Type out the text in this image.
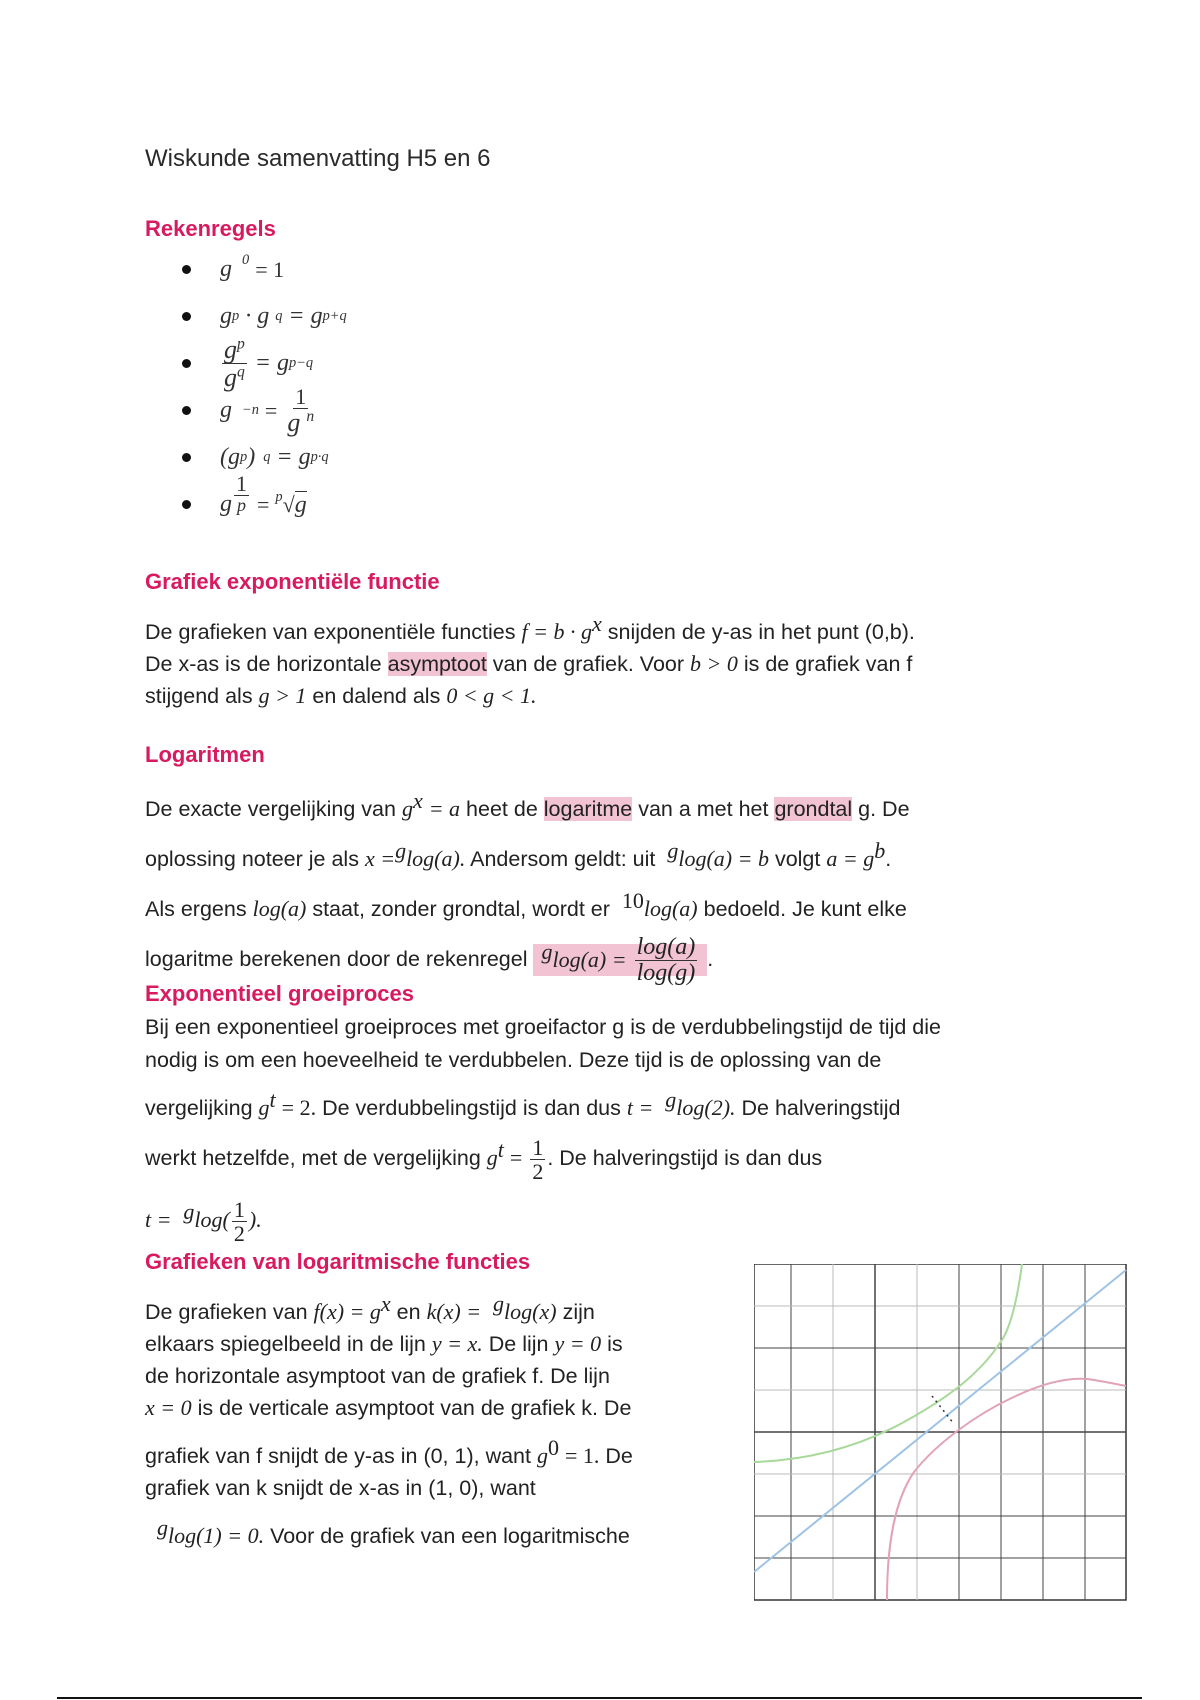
Wiskunde samenvatting H5 en 6
Rekenregels
g $^0$
= 1
g p
· g q
= g p+q
$\frac{g^p}{g^q}$
= g p−q
g −n
=
$\frac{1}{g ^n}$
(g p ) q
= g p·q
g $\frac{1}{p}$
=
$^p$ √ g
Grafiek exponentiële functie
De grafieken van exponentiële functies $f = b \cdot g^x$ snijden de y-as in het punt (0,b).
De x-as is de horizontale asymptoot van de grafiek. Voor b > 0 is de grafiek van f
stijgend als g > 1 en dalend als 0 < g < 1.
Logaritmen
De exacte vergelijking van $g^x = a$ heet de logaritme van a met het grondtal g. De
oplossing noteer je als x =$^g$log(a). Andersom geldt: uit $^g$log(a) = b volgt $a = g^b$.
Als ergens log(a) staat, zonder grondtal, wordt er $^{10}$log(a) bedoeld. Je kunt elke
logaritme berekenen door de rekenregel $^g\log(a) = \frac{\log(a)}{\log(g)}$ .
Exponentieel groeiproces
Bij een exponentieel groeiproces met groeifactor g is de verdubbelingstijd de tijd die
nodig is om een hoeveelheid te verdubbelen. Deze tijd is de oplossing van de
vergelijking $g^t = 2$. De verdubbelingstijd is dan dus t = $^g$log(2). De halveringstijd
werkt hetzelfde, met de vergelijking $g^t = \frac{1}{2}$ . De halveringstijd is dan dus
$t = ^g\log( \frac{1}{2}$ ).
Grafieken van logaritmische functies
De grafieken van $f(x) = g^x$ en k(x) = $^g$log(x) zijn
elkaars spiegelbeeld in de lijn y = x. De lijn y = 0 is
de horizontale asymptoot van de grafiek f. De lijn
x = 0 is de verticale asymptoot van de grafiek k. De
grafiek van f snijdt de y-as in (0, 1), want $g^0 = 1$. De
grafiek van k snijdt de x-as in (1, 0), want
$^g$log(1) = 0. Voor de grafiek van een logaritmische
